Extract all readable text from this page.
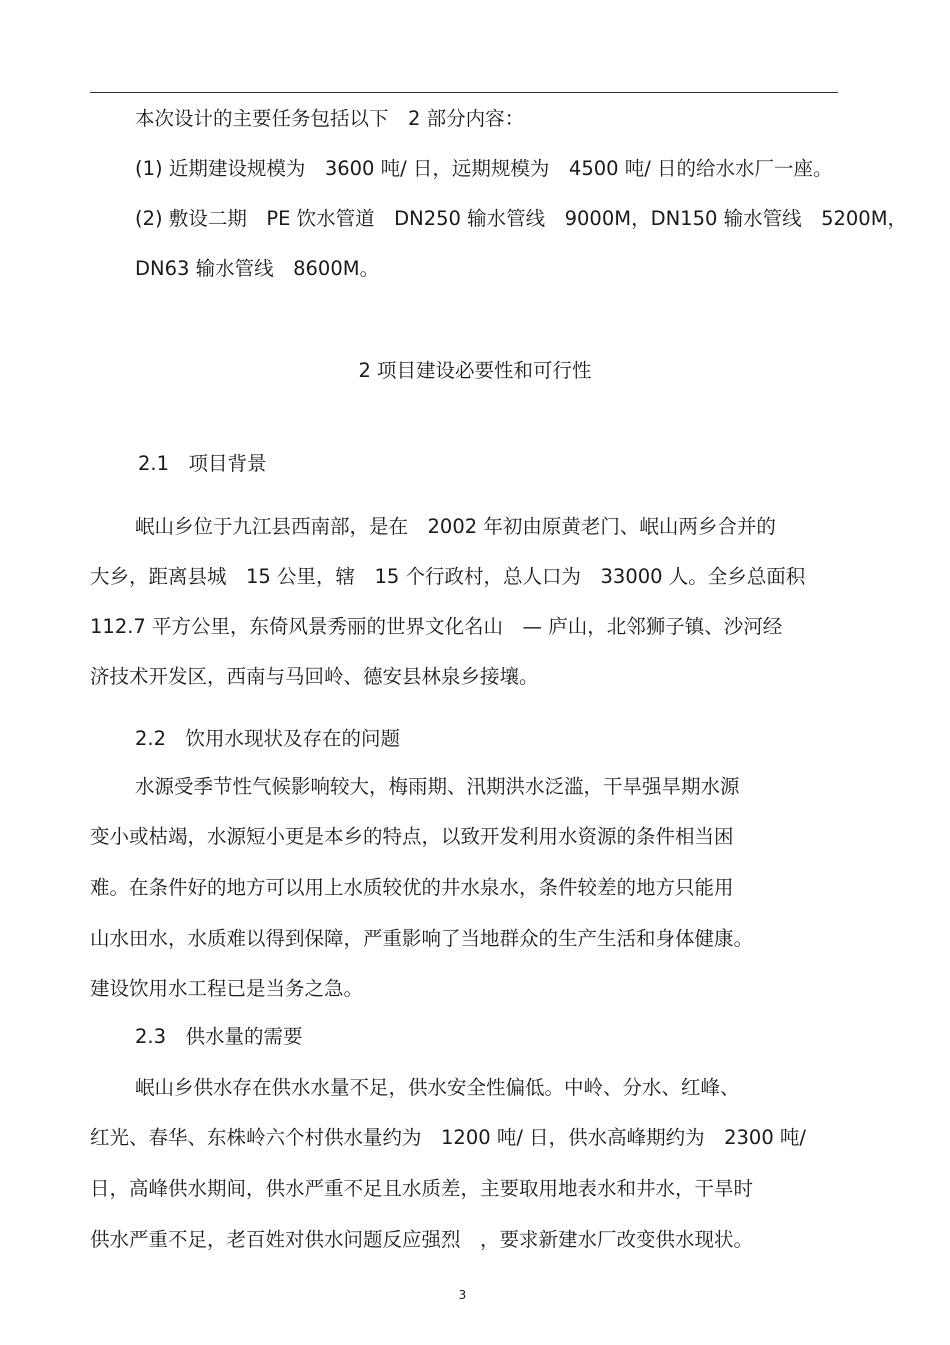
本次设计的主要任务包括以下　2 部分内容：

(1) 近期建设规模为　3600 吨/ 日，远期规模为　4500 吨/ 日的给水水厂一座。

(2) 敷设二期　PE 饮水管道　DN250 输水管线　9000M，DN150 输水管线　5200M，

DN63 输水管线　8600M。

2 项目建设必要性和可行性

2.1　项目背景

岷山乡位于九江县西南部，是在　2002 年初由原黄老门、岷山两乡合并的

大乡，距离县城　15 公里，辖　15 个行政村，总人口为　33000 人。全乡总面积

112.7 平方公里，东倚风景秀丽的世界文化名山　— 庐山，北邻狮子镇、沙河经

济技术开发区，西南与马回岭、德安县林泉乡接壤。

2.2　饮用水现状及存在的问题

水源受季节性气候影响较大，梅雨期、汛期洪水泛滥，干旱强旱期水源

变小或枯竭，水源短小更是本乡的特点，以致开发利用水资源的条件相当困

难。在条件好的地方可以用上水质较优的井水泉水，条件较差的地方只能用

山水田水，水质难以得到保障，严重影响了当地群众的生产生活和身体健康。

建设饮用水工程已是当务之急。

2.3　供水量的需要

岷山乡供水存在供水水量不足，供水安全性偏低。中岭、分水、红峰、

红光、春华、东株岭六个村供水量约为　1200 吨/ 日，供水高峰期约为　2300 吨/

日，高峰供水期间，供水严重不足且水质差，主要取用地表水和井水，干旱时

供水严重不足，老百姓对供水问题反应强烈　，要求新建水厂改变供水现状。

3
